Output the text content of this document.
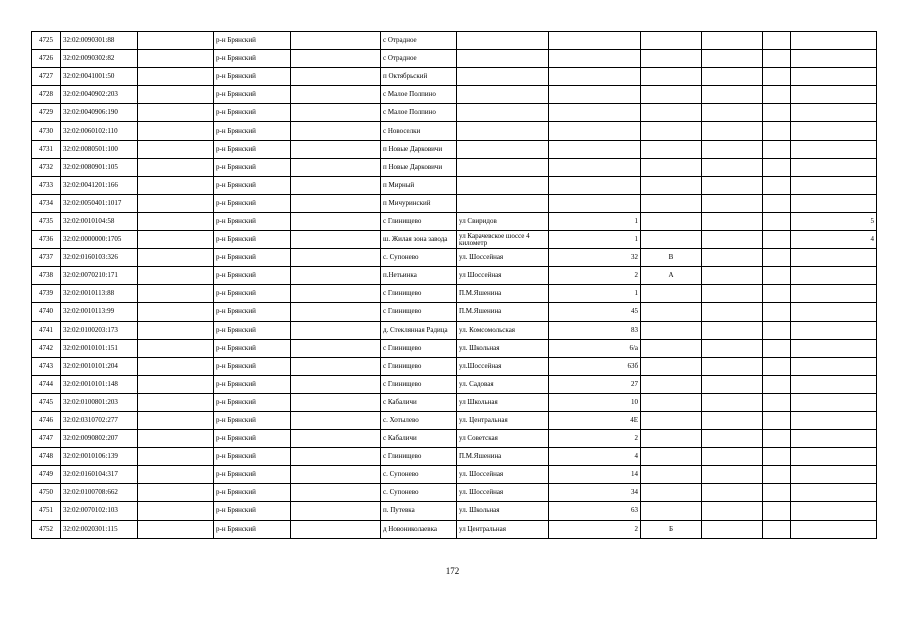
4725	32:02:0090301:88		р-н Брянский		с Отрадное						
4726	32:02:0090302:82		р-н Брянский		с Отрадное						
4727	32:02:0041001:50		р-н Брянский		п Октябрьский						
4728	32:02:0040902:203		р-н Брянский		с Малое Полпино						
4729	32:02:0040906:190		р-н Брянский		с Малое Полпино						
4730	32:02:0060102:110		р-н Брянский		с Новоселки						
4731	32:02:0080501:100		р-н Брянский		п Новые Дарковичи						
4732	32:02:0080901:105		р-н Брянский		п Новые Дарковичи						
4733	32:02:0041201:166		р-н Брянский		п Мирный						
4734	32:02:0050401:1017		р-н Брянский		п Мичуринский						
4735	32:02:0010104:58		р-н Брянский		с Глинищево	ул Свиридов	1				5
4736	32:02:0000000:1705		р-н Брянский		ш. Жилая зона завода	ул Карачевское шоссе 4 километр	1				4
4737	32:02:0160103:326		р-н Брянский		с. Супонево	ул. Шоссейная	32	В			
4738	32:02:0070210:171		р-н Брянский		п.Нетьинка	ул Шоссейная	2	А			
4739	32:02:0010113:88		р-н Брянский		с Глинищево	П.М.Яшенина	1				
4740	32:02:0010113:99		р-н Брянский		с Глинищево	П.М.Яшенина	45				
4741	32:02:0100203:173		р-н Брянский		д. Стеклянная Радица	ул. Комсомольская	83				
4742	32:02:0010101:151		р-н Брянский		с Глинищево	ул. Школьная	6/а				
4743	32:02:0010101:204		р-н Брянский		с Глинищево	ул.Шоссейная	63б				
4744	32:02:0010101:148		р-н Брянский		с Глинищево	ул. Садовая	27				
4745	32:02:0100801:203		р-н Брянский		с Кабаличи	ул Школьная	10				
4746	32:02:0310702:277		р-н Брянский		с. Хотылево	ул. Центральная	4Е				
4747	32:02:0090802:207		р-н Брянский		с Кабаличи	ул Советская	2				
4748	32:02:0010106:139		р-н Брянский		с Глинищево	П.М.Яшенина	4				
4749	32:02:0160104:317		р-н Брянский		с. Супонево	ул. Шоссейная	14				
4750	32:02:0100708:662		р-н Брянский		с. Супонево	ул. Шоссейная	34				
4751	32:02:0070102:103		р-н Брянский		п. Путевка	ул. Школьная	63				
4752	32:02:0020301:115		р-н Брянский		д Новониколаевка	ул Центральная	2	Б			
172
